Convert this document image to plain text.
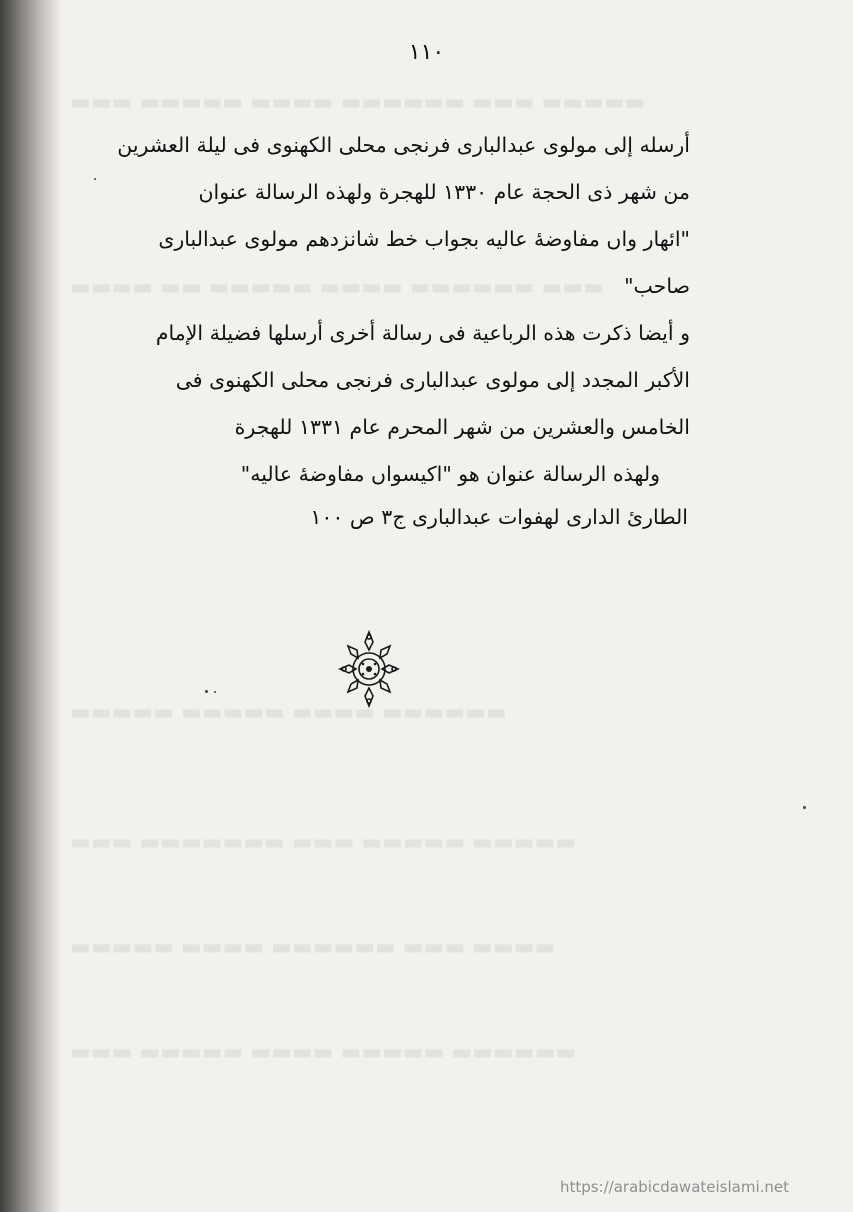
▬▬▬ ▬▬▬▬▬ ▬▬▬▬ ▬▬▬▬▬▬ ▬▬▬ ▬▬▬▬▬
▬▬▬▬ ▬▬ ▬▬▬▬▬ ▬▬▬▬ ▬▬▬▬▬▬ ▬▬▬
▬▬▬▬▬ ▬▬▬▬▬ ▬▬▬▬ ▬▬▬▬▬▬
▬▬▬ ▬▬▬▬▬▬▬ ▬▬▬ ▬▬▬▬▬ ▬▬▬▬▬
▬▬▬▬▬ ▬▬▬▬ ▬▬▬▬▬▬ ▬▬▬ ▬▬▬▬
▬▬▬ ▬▬▬▬▬ ▬▬▬▬ ▬▬▬▬▬ ▬▬▬▬▬▬
١١٠
أرسله إلى مولوى عبدالبارى فرنجى محلى الكهنوى فى ليلة العشرين
من شهر ذى الحجة عام ١٣٣٠ للهجرة ولهذه الرسالة عنوان
"ائهار واں مفاوضهٔ عاليه بجواب خط شانزدهم مولوى عبدالبارى
صاحب"
و أيضا ذكرت هذه الرباعية فى رسالة أخرى أرسلها فضيلة الإمام
الأكبر المجدد إلى مولوى عبدالبارى فرنجى محلى الكهنوى فى
الخامس والعشرين من شهر المحرم عام ١٣٣١ للهجرة
ولهذه الرسالة عنوان هو "اكيسواں مفاوضهٔ عاليه"
الطارئ الدارى لهفوات عبدالبارى ج٣ ص ١٠٠
https://arabicdawateislami.net
